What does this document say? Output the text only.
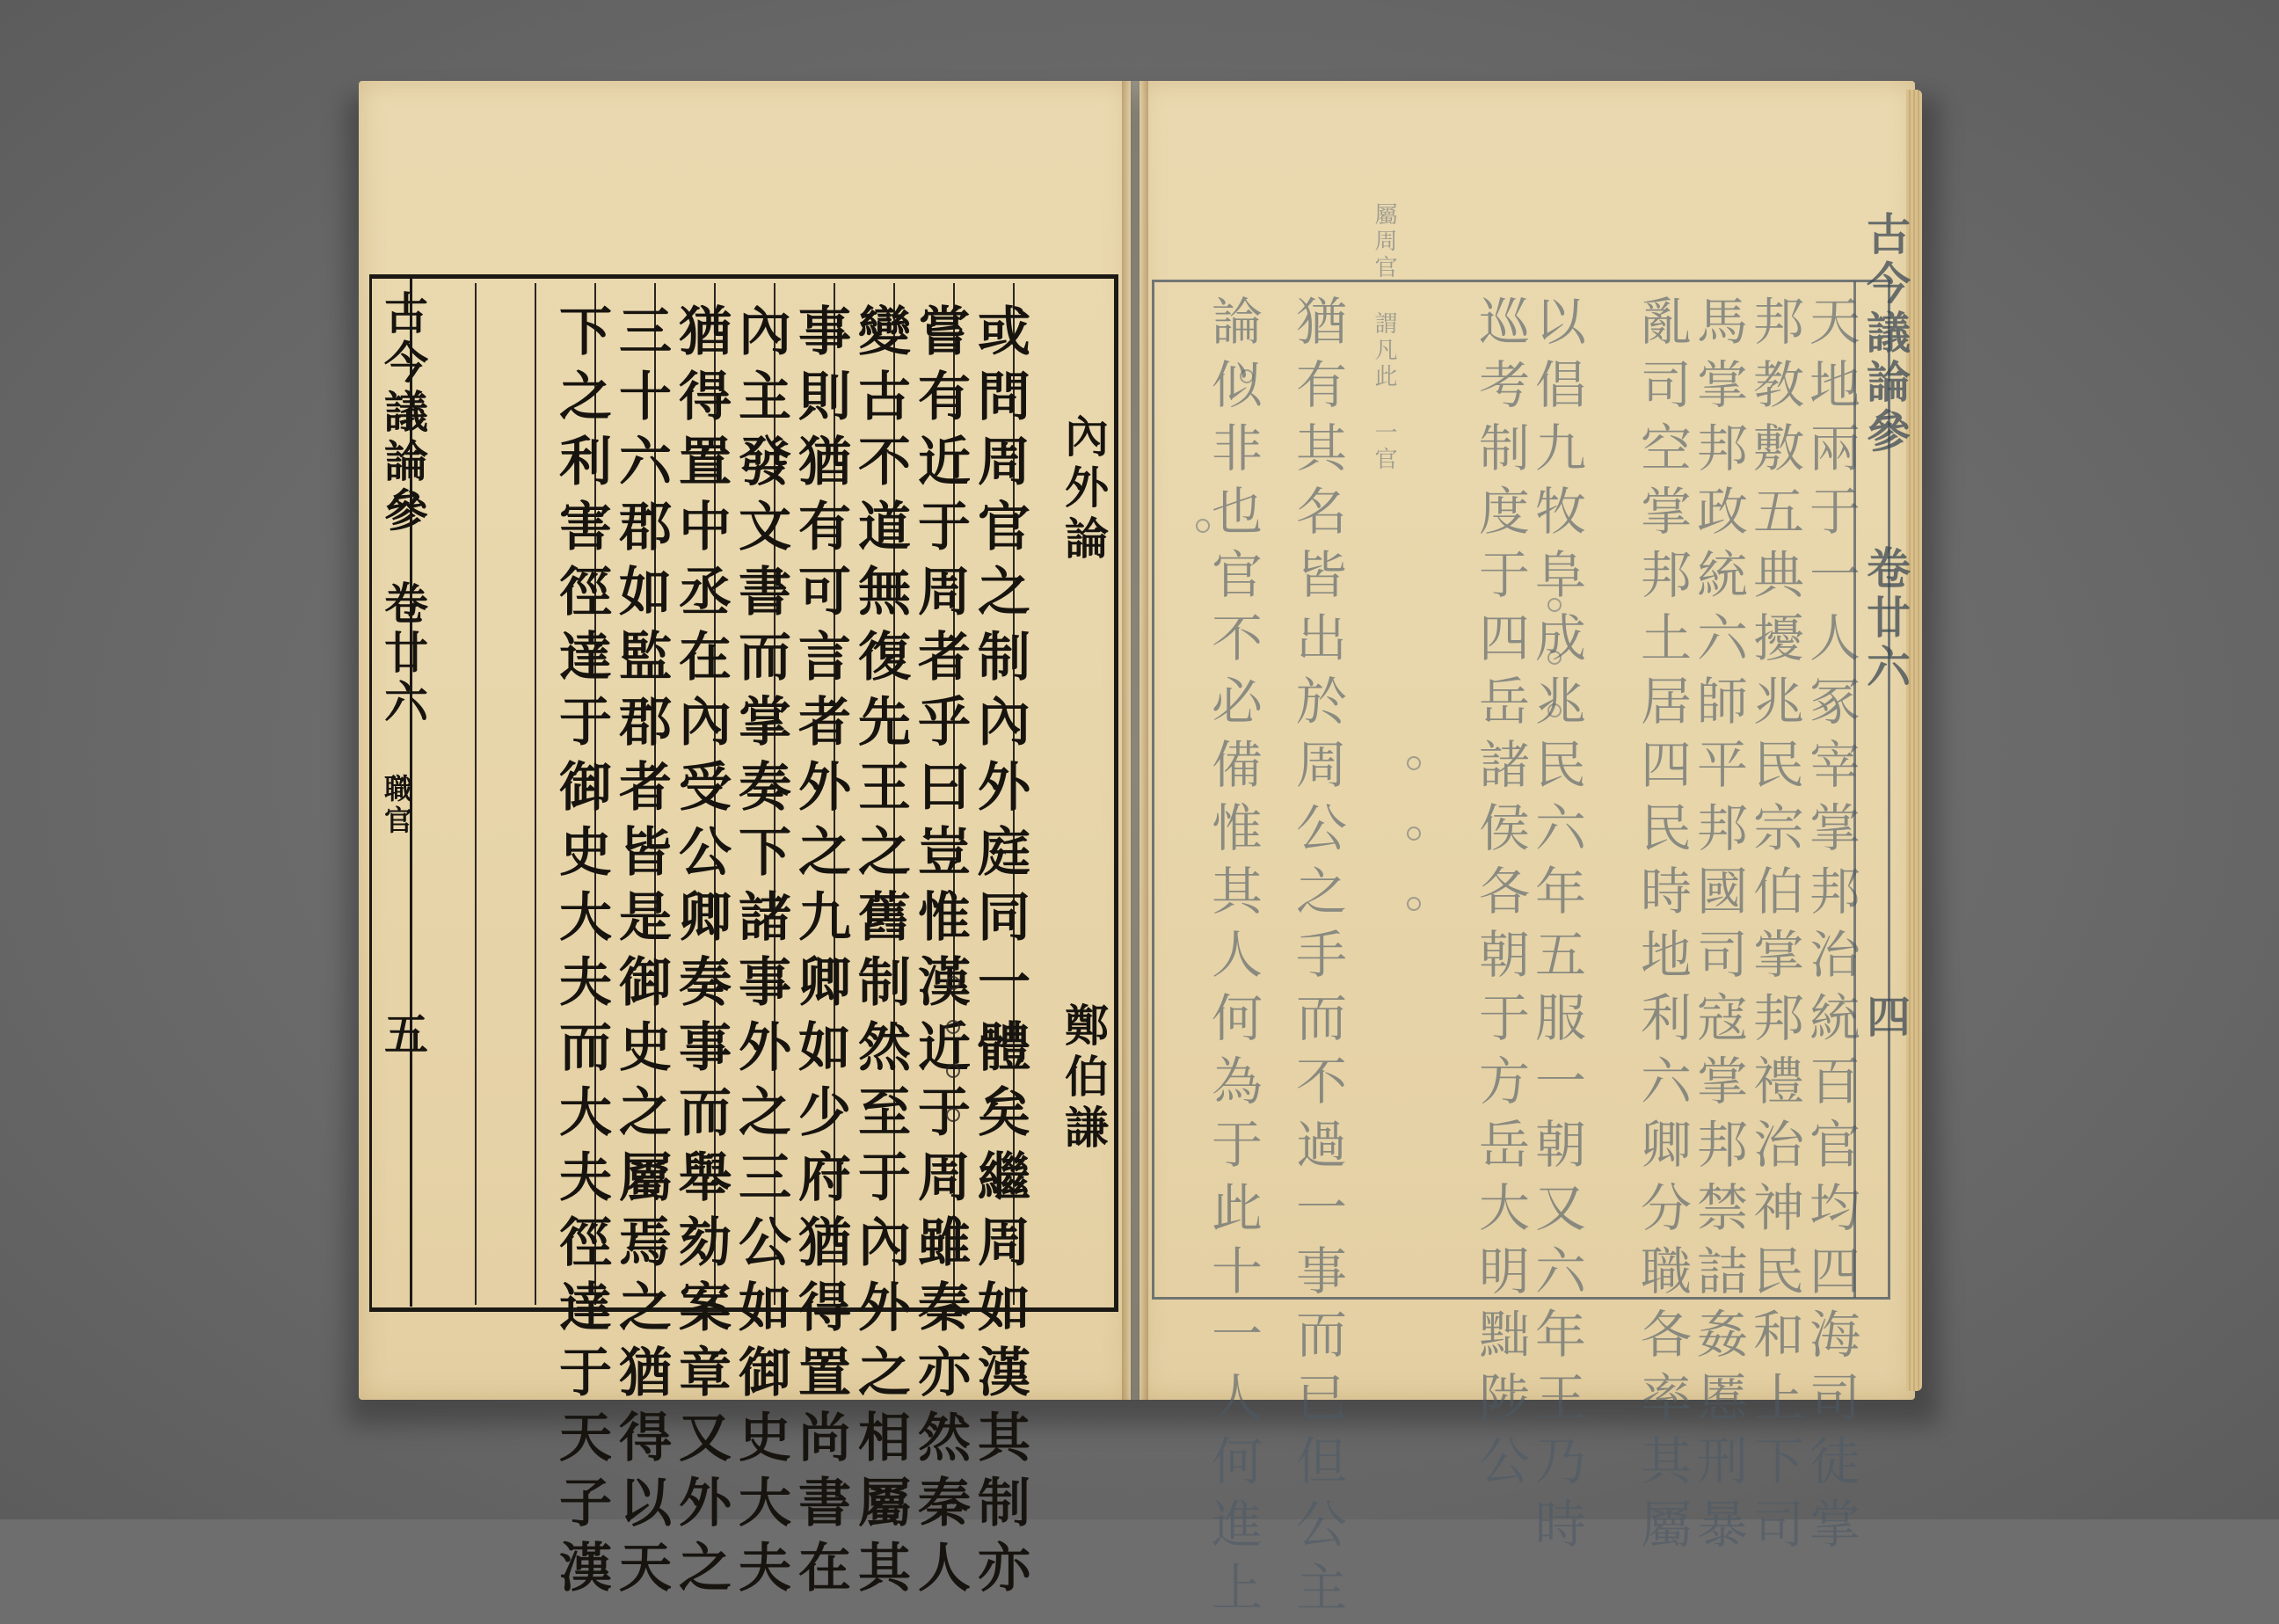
古今議論參
卷廿六
職官
五
內外論
鄭伯謙
或問周官之制內外庭同一體矣繼周如漢其制亦
嘗有近于周者乎曰豈惟漢近于周雖秦亦然秦人
變古不道無復先王之舊制然至于內外之相屬其
事則猶有可言者外之九卿如少府猶得置尚書在
內主發文書而掌奏下諸事外之三公如御史大夫
猶得置中丞在內受公卿奏事而舉劾案章又外之
三十六郡如監郡者皆是御史之屬焉之猶得以天
下之利害徑達于御史大夫而大夫徑達于天子漢	屬周官 謂凡此 一官	古今議論參
卷廿六
四
天地兩于一人冢宰掌邦治統百官均四海司徒掌
邦教敷五典擾兆民宗伯掌邦禮治神民和上下司
馬掌邦政統六師平邦國司寇掌邦禁詰姦慝刑暴
亂司空掌邦土居四民時地利六卿分職各率其屬
以倡九牧阜成兆民六年五服一朝又六年王乃時
巡考制度于四岳諸侯各朝于方岳大明黜陟公
猶有其名皆出於周公之手而不過一事而已但公主
論似非也官不必備惟其人何為于此十一人何進上
